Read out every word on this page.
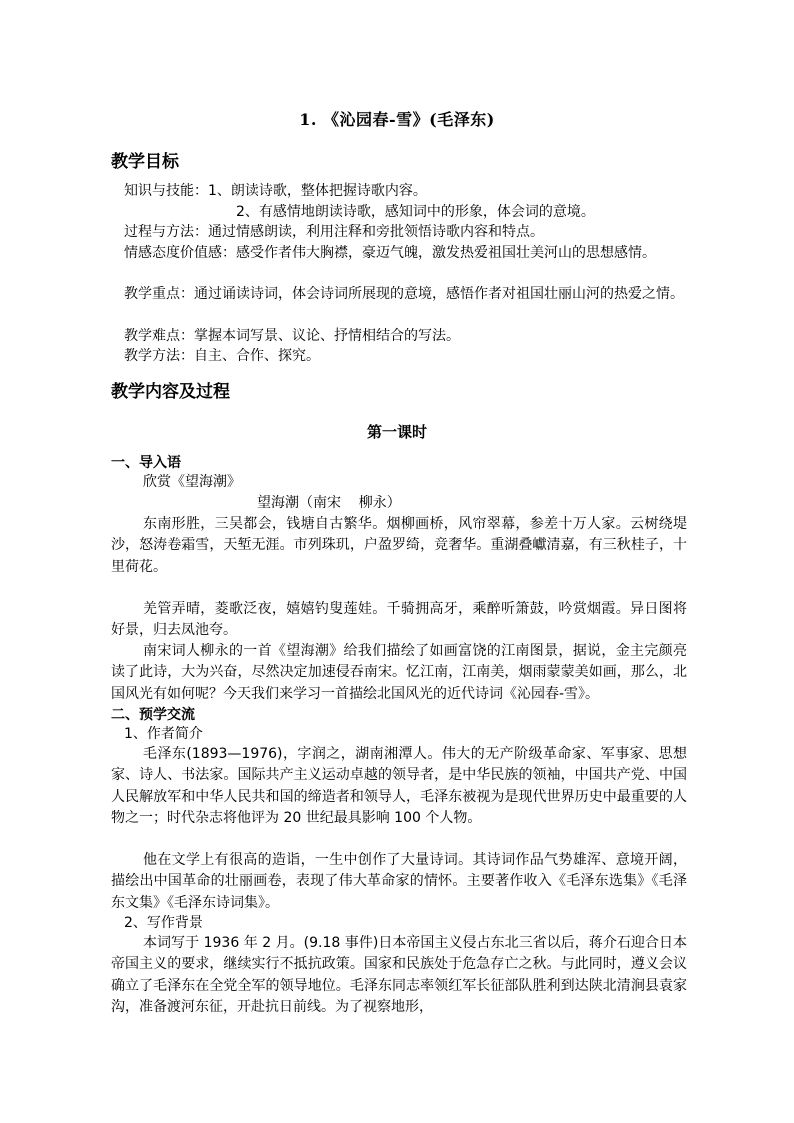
1. 《沁园春-雪》(毛泽东)
教学目标
知识与技能：1、朗读诗歌，整体把握诗歌内容。
2、有感情地朗读诗歌，感知词中的形象，体会词的意境。
过程与方法：通过情感朗读，利用注释和旁批领悟诗歌内容和特点。
情感态度价值感：感受作者伟大胸襟，豪迈气魄，激发热爱祖国壮美河山的思想感情。
教学重点：通过诵读诗词，体会诗词所展现的意境，感悟作者对祖国壮丽山河的热爱之情。
教学难点：掌握本词写景、议论、抒情相结合的写法。
教学方法：自主、合作、探究。
教学内容及过程
第一课时
一、导入语
欣赏《望海潮》
望海潮（南宋    柳永）
东南形胜，三吴都会，钱塘自古繁华。烟柳画桥，风帘翠幕，参差十万人家。云树绕堤沙，怒涛卷霜雪，天堑无涯。市列珠玑，户盈罗绮，竞奢华。重湖叠巘清嘉，有三秋桂子，十里荷花。
羌管弄晴，菱歌泛夜，嬉嬉钓叟莲娃。千骑拥高牙，乘醉听箫鼓，吟赏烟霞。异日图将好景，归去凤池夸。
南宋词人柳永的一首《望海潮》给我们描绘了如画富饶的江南图景，据说，金主完颜亮读了此诗，大为兴奋，尽然决定加速侵吞南宋。忆江南，江南美，烟雨蒙蒙美如画，那么，北国风光有如何呢？今天我们来学习一首描绘北国风光的近代诗词《沁园春-雪》。
二、预学交流
1、作者简介
毛泽东(1893—1976)，字润之，湖南湘潭人。伟大的无产阶级革命家、军事家、思想家、诗人、书法家。国际共产主义运动卓越的领导者，是中华民族的领袖，中国共产党、中国人民解放军和中华人民共和国的缔造者和领导人，毛泽东被视为是现代世界历史中最重要的人物之一；时代杂志将他评为 20 世纪最具影响 100 个人物。
他在文学上有很高的造诣，一生中创作了大量诗词。其诗词作品气势雄浑、意境开阔，描绘出中国革命的壮丽画卷，表现了伟大革命家的情怀。主要著作收入《毛泽东选集》《毛泽东文集》《毛泽东诗词集》。
2、写作背景
本词写于 1936 年 2 月。(9.18 事件)日本帝国主义侵占东北三省以后，蒋介石迎合日本帝国主义的要求，继续实行不抵抗政策。国家和民族处于危急存亡之秋。与此同时，遵义会议确立了毛泽东在全党全军的领导地位。毛泽东同志率领红军长征部队胜利到达陕北清涧县袁家沟，准备渡河东征，开赴抗日前线。为了视察地形，
